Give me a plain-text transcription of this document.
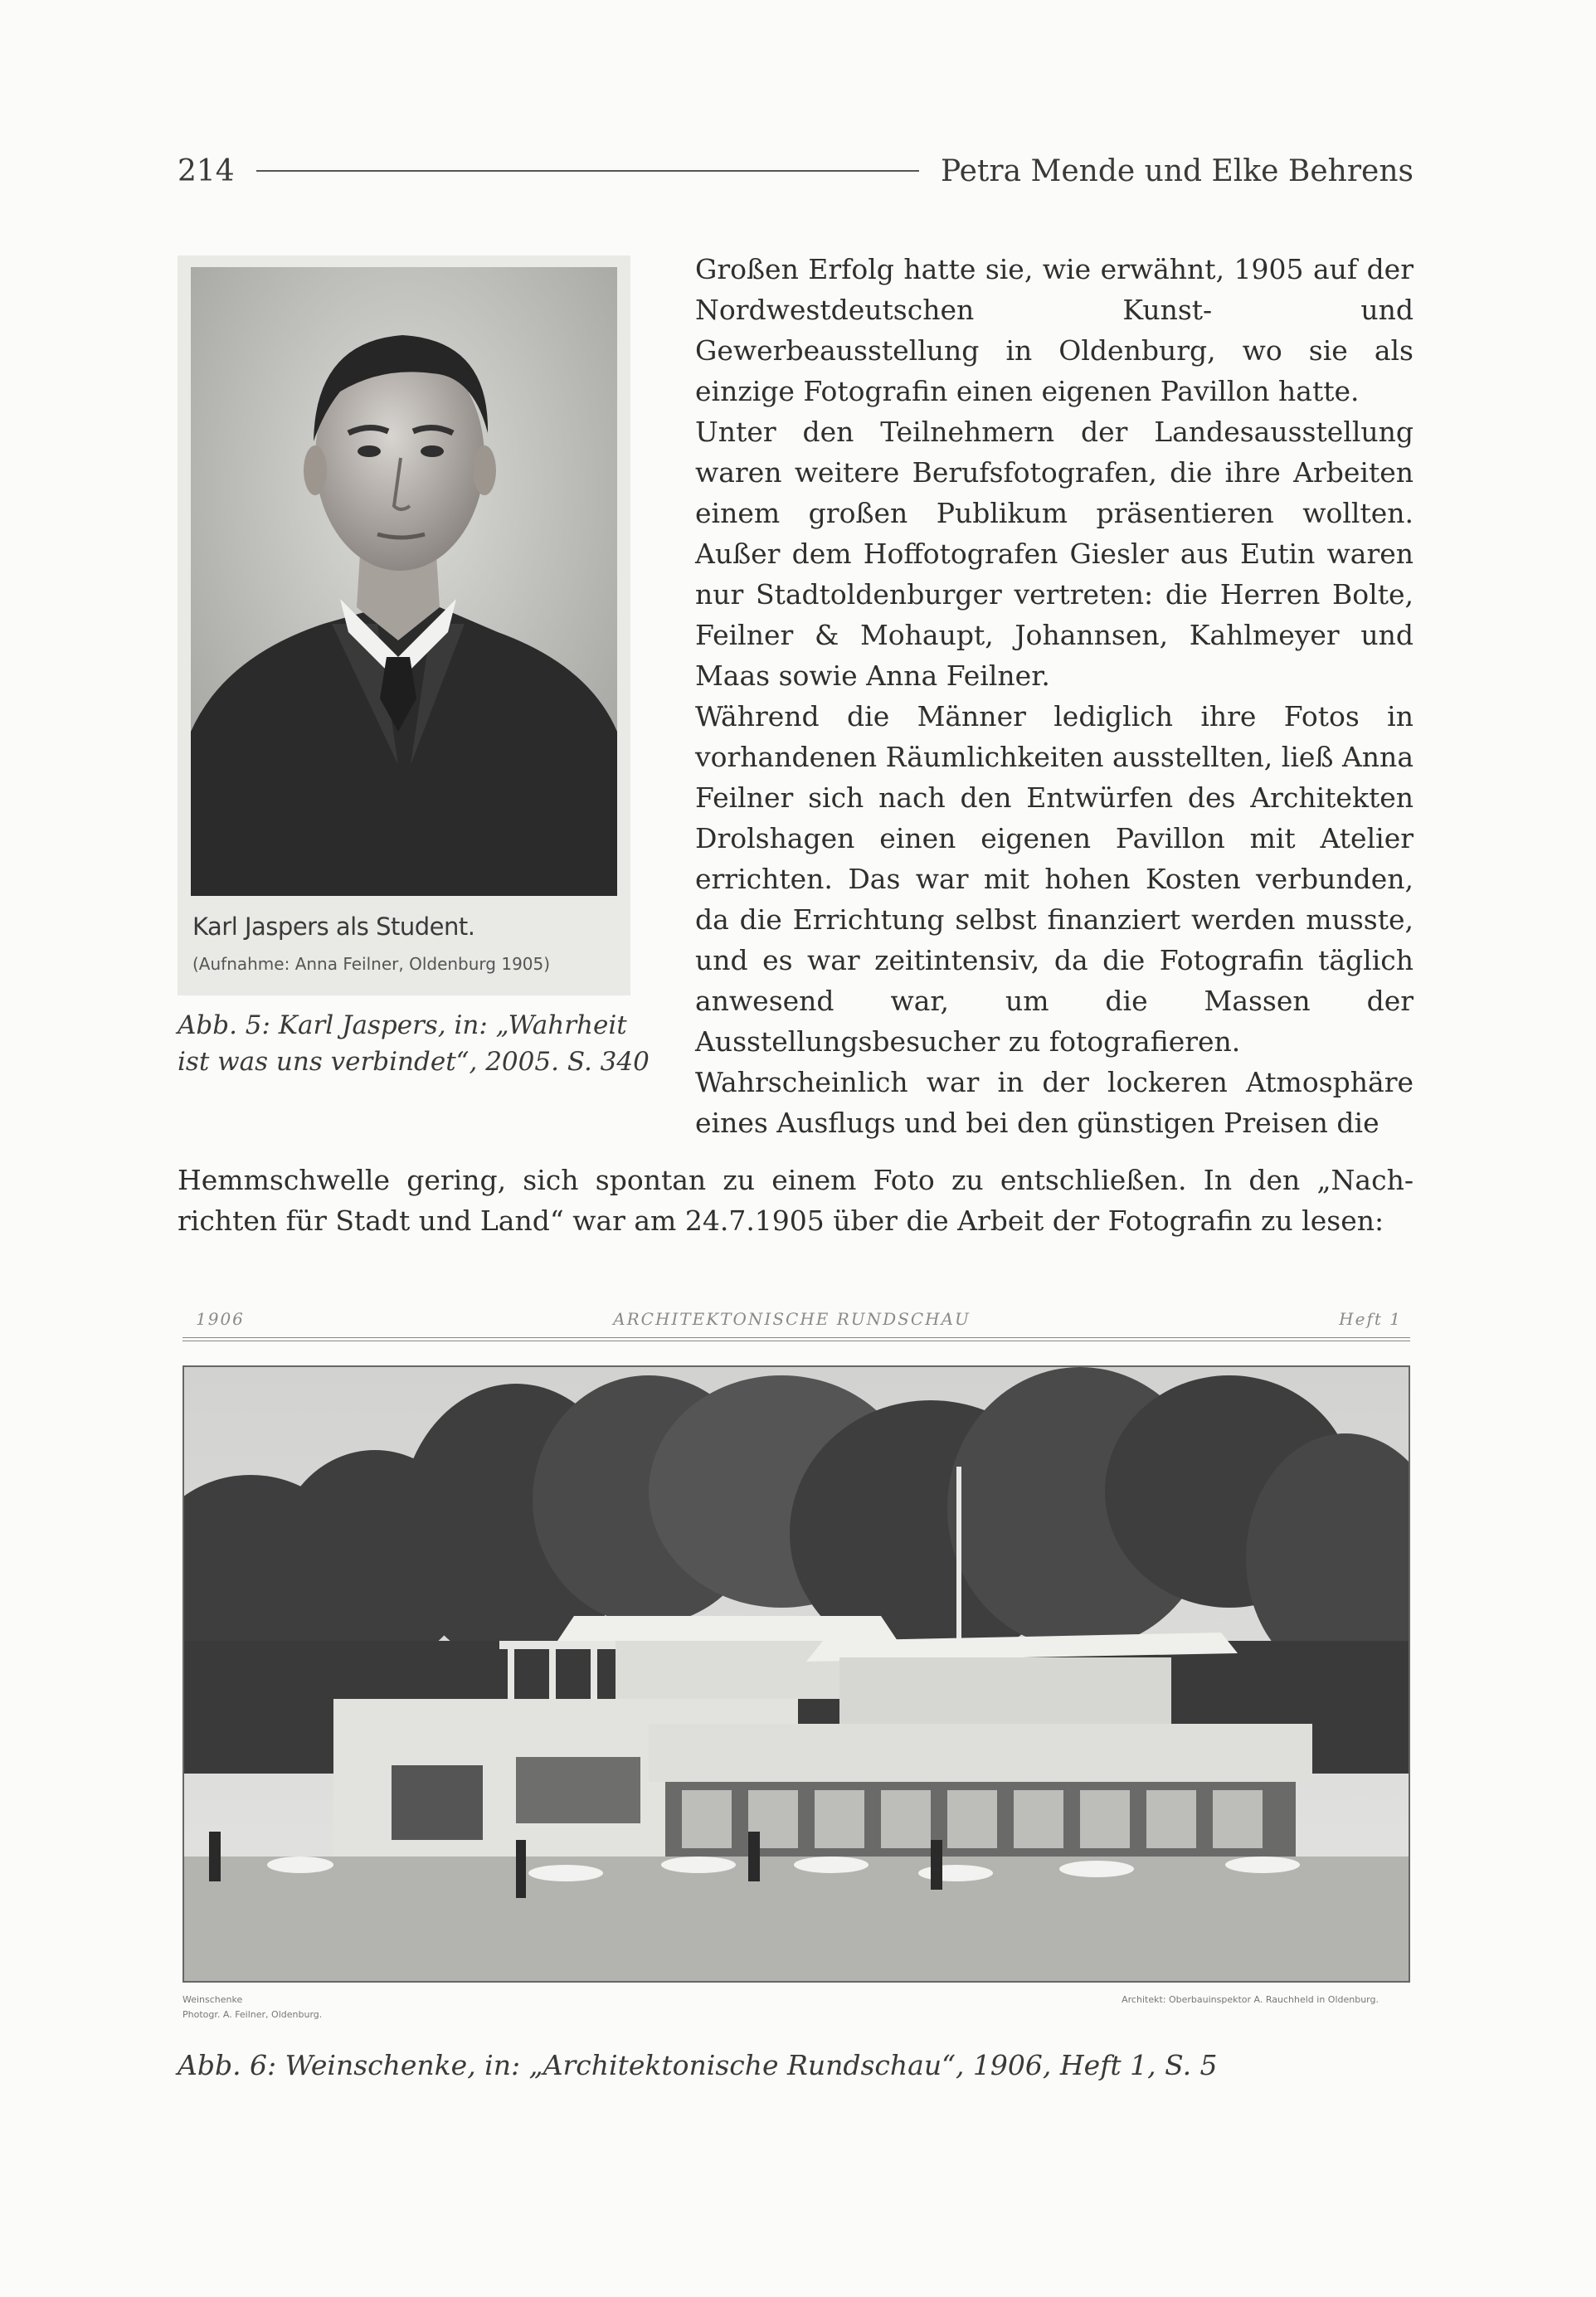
214	Petra Mende und Elke Behrens
Karl Jaspers als Student.
(Aufnahme: Anna Feilner, Oldenburg 1905)
Abb. 5: Karl Jaspers, in: „Wahrheit
ist was uns verbindet“, 2005. S. 340

Großen Erfolg hatte sie, wie erwähnt, 1905 auf der Nordwestdeutschen Kunst- und Gewerbeausstellung in Oldenburg, wo sie als einzige Fotografin einen eigenen Pavillon hatte.

Unter den Teilnehmern der Landesausstellung waren weitere Berufsfotografen, die ihre Arbeiten einem großen Publikum präsentieren wollten. Außer dem Hoffotografen Giesler aus Eutin waren nur Stadtoldenburger vertreten: die Herren Bolte, Feilner & Mohaupt, Johannsen, Kahlmeyer und Maas sowie Anna Feilner.

Während die Männer lediglich ihre Fotos in vorhandenen Räumlichkeiten ausstellten, ließ Anna Feilner sich nach den Entwürfen des Architekten Drolshagen einen eigenen Pavillon mit Atelier errichten. Das war mit hohen Kosten verbunden, da die Errichtung selbst finanziert werden musste, und es war zeitintensiv, da die Fotografin täglich anwesend war, um die Massen der Ausstellungsbesucher zu fotografieren.

Wahrscheinlich war in der lockeren Atmosphäre eines Ausflugs und bei den günstigen Preisen die

Hemmschwelle gering, sich spontan zu einem Foto zu entschließen. In den „Nach-

richten für Stadt und Land“ war am 24.7.1905 über die Arbeit der Fotografin zu lesen:

1906	ARCHITEKTONISCHE RUNDSCHAU	Heft 1
Weinschenke
Photogr. A. Feilner, Oldenburg.
Architekt: Oberbauinspektor A. Rauchheld in Oldenburg.
Abb. 6: Weinschenke, in: „Architektonische Rundschau“, 1906, Heft 1, S. 5
